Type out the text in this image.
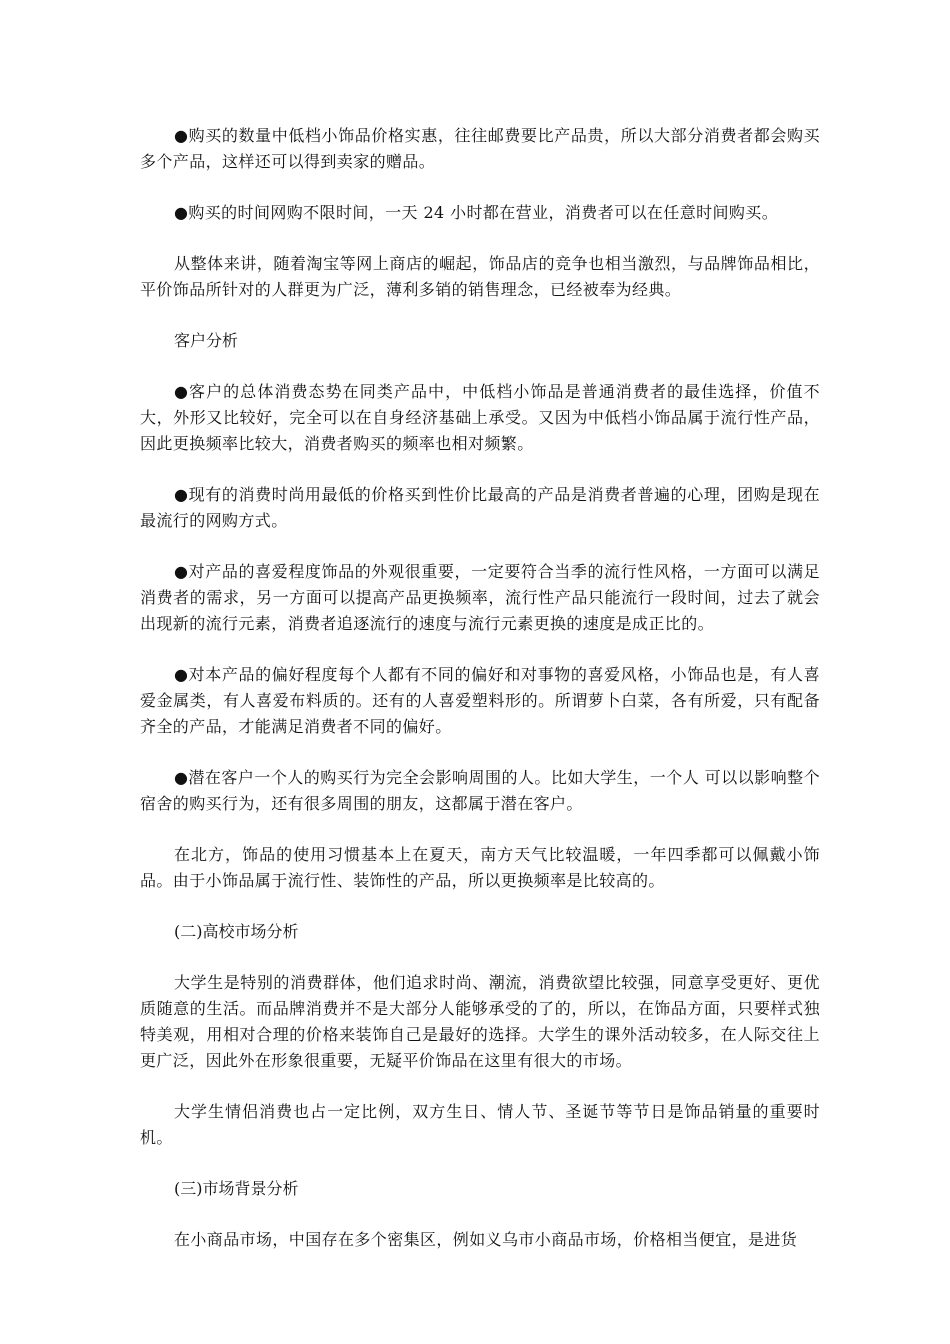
●购买的数量中低档小饰品价格实惠，往往邮费要比产品贵，所以大部分消费者都会购买多个产品，这样还可以得到卖家的赠品。

●购买的时间网购不限时间，一天 24 小时都在营业，消费者可以在任意时间购买。

从整体来讲，随着淘宝等网上商店的崛起，饰品店的竞争也相当激烈，与品牌饰品相比，平价饰品所针对的人群更为广泛，薄利多销的销售理念，已经被奉为经典。

客户分析

●客户的总体消费态势在同类产品中，中低档小饰品是普通消费者的最佳选择，价值不大，外形又比较好，完全可以在自身经济基础上承受。又因为中低档小饰品属于流行性产品，因此更换频率比较大，消费者购买的频率也相对频繁。

●现有的消费时尚用最低的价格买到性价比最高的产品是消费者普遍的心理，团购是现在最流行的网购方式。

●对产品的喜爱程度饰品的外观很重要，一定要符合当季的流行性风格，一方面可以满足消费者的需求，另一方面可以提高产品更换频率，流行性产品只能流行一段时间，过去了就会出现新的流行元素，消费者追逐流行的速度与流行元素更换的速度是成正比的。

●对本产品的偏好程度每个人都有不同的偏好和对事物的喜爱风格，小饰品也是，有人喜爱金属类，有人喜爱布料质的。还有的人喜爱塑料形的。所谓萝卜白菜，各有所爱，只有配备齐全的产品，才能满足消费者不同的偏好。

●潜在客户一个人的购买行为完全会影响周围的人。比如大学生，一个人 可以以影响整个宿舍的购买行为，还有很多周围的朋友，这都属于潜在客户。

在北方，饰品的使用习惯基本上在夏天，南方天气比较温暖，一年四季都可以佩戴小饰品。由于小饰品属于流行性、装饰性的产品，所以更换频率是比较高的。

(二)高校市场分析

大学生是特别的消费群体，他们追求时尚、潮流，消费欲望比较强，同意享受更好、更优质随意的生活。而品牌消费并不是大部分人能够承受的了的，所以，在饰品方面，只要样式独特美观，用相对合理的价格来装饰自己是最好的选择。大学生的课外活动较多，在人际交往上更广泛，因此外在形象很重要，无疑平价饰品在这里有很大的市场。

大学生情侣消费也占一定比例，双方生日、情人节、圣诞节等节日是饰品销量的重要时机。

(三)市场背景分析

在小商品市场，中国存在多个密集区，例如义乌市小商品市场，价格相当便宜，是进货
